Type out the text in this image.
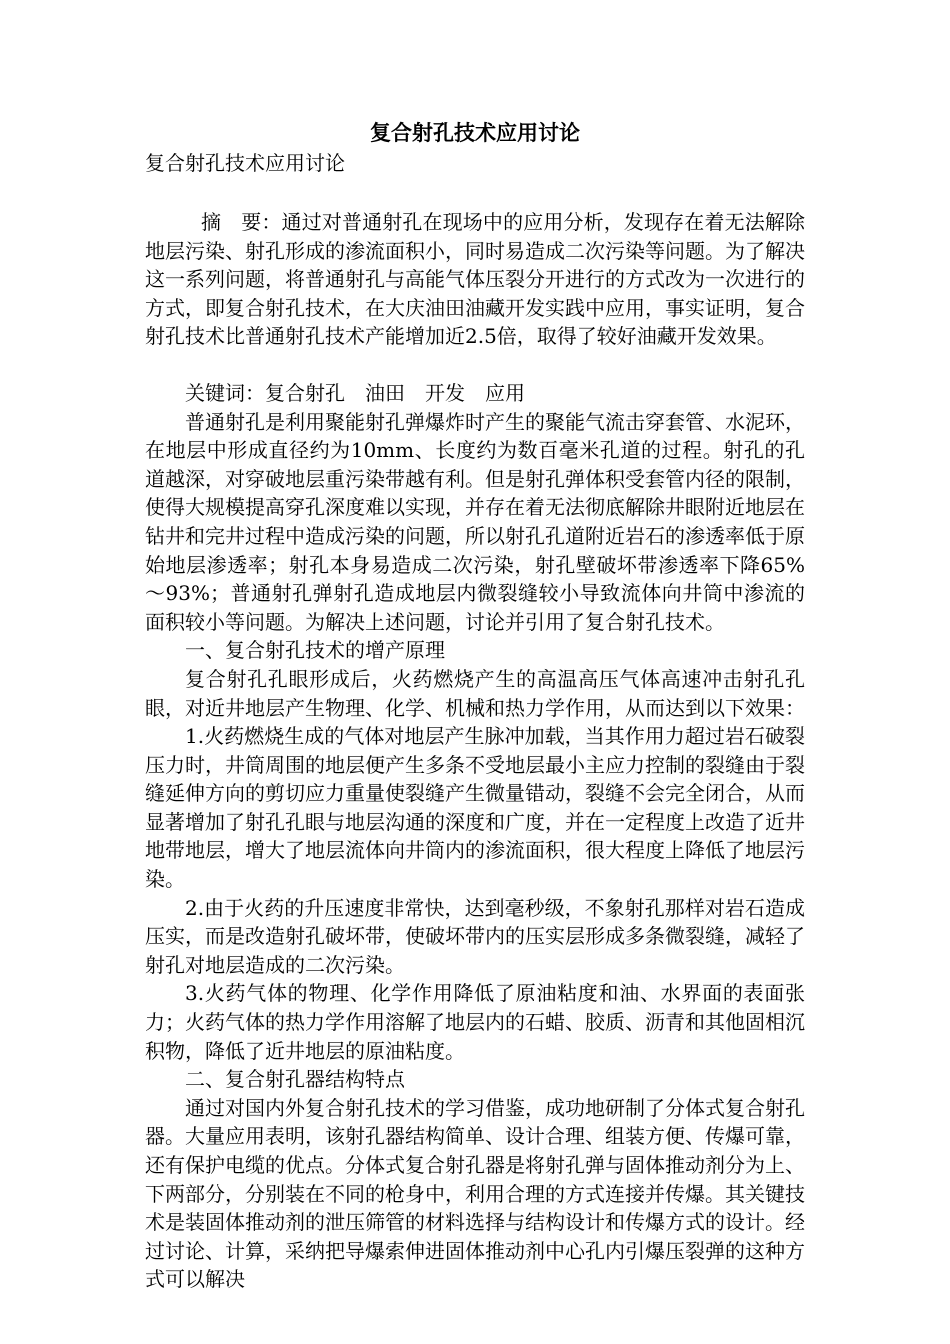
复合射孔技术应用讨论

复合射孔技术应用讨论

摘　要：通过对普通射孔在现场中的应用分析，发现存在着无法解除地层污染、射孔形成的渗流面积小，同时易造成二次污染等问题。为了解决这一系列问题，将普通射孔与高能气体压裂分开进行的方式改为一次进行的方式，即复合射孔技术，在大庆油田油藏开发实践中应用，事实证明，复合射孔技术比普通射孔技术产能增加近2.5倍，取得了较好油藏开发效果。

关键词：复合射孔　油田　开发　应用

普通射孔是利用聚能射孔弹爆炸时产生的聚能气流击穿套管、水泥环，在地层中形成直径约为10mm、长度约为数百毫米孔道的过程。射孔的孔道越深，对穿破地层重污染带越有利。但是射孔弹体积受套管内径的限制，使得大规模提高穿孔深度难以实现，并存在着无法彻底解除井眼附近地层在钻井和完井过程中造成污染的问题，所以射孔孔道附近岩石的渗透率低于原始地层渗透率；射孔本身易造成二次污染，射孔壁破坏带渗透率下降65%～93%；普通射孔弹射孔造成地层内微裂缝较小导致流体向井筒中渗流的面积较小等问题。为解决上述问题，讨论并引用了复合射孔技术。

一、复合射孔技术的增产原理

复合射孔孔眼形成后，火药燃烧产生的高温高压气体高速冲击射孔孔眼，对近井地层产生物理、化学、机械和热力学作用，从而达到以下效果：

1.火药燃烧生成的气体对地层产生脉冲加载，当其作用力超过岩石破裂压力时，井筒周围的地层便产生多条不受地层最小主应力控制的裂缝由于裂缝延伸方向的剪切应力重量使裂缝产生微量错动，裂缝不会完全闭合，从而显著增加了射孔孔眼与地层沟通的深度和广度，并在一定程度上改造了近井地带地层，增大了地层流体向井筒内的渗流面积，很大程度上降低了地层污染。

2.由于火药的升压速度非常快，达到毫秒级，不象射孔那样对岩石造成压实，而是改造射孔破坏带，使破坏带内的压实层形成多条微裂缝，减轻了射孔对地层造成的二次污染。

3.火药气体的物理、化学作用降低了原油粘度和油、水界面的表面张力；火药气体的热力学作用溶解了地层内的石蜡、胶质、沥青和其他固相沉积物，降低了近井地层的原油粘度。

二、复合射孔器结构特点

通过对国内外复合射孔技术的学习借鉴，成功地研制了分体式复合射孔器。大量应用表明，该射孔器结构简单、设计合理、组装方便、传爆可靠，还有保护电缆的优点。分体式复合射孔器是将射孔弹与固体推动剂分为上、下两部分，分别装在不同的枪身中，利用合理的方式连接并传爆。其关键技术是装固体推动剂的泄压筛管的材料选择与结构设计和传爆方式的设计。经过讨论、计算，采纳把导爆索伸进固体推动剂中心孔内引爆压裂弹的这种方式可以解决
